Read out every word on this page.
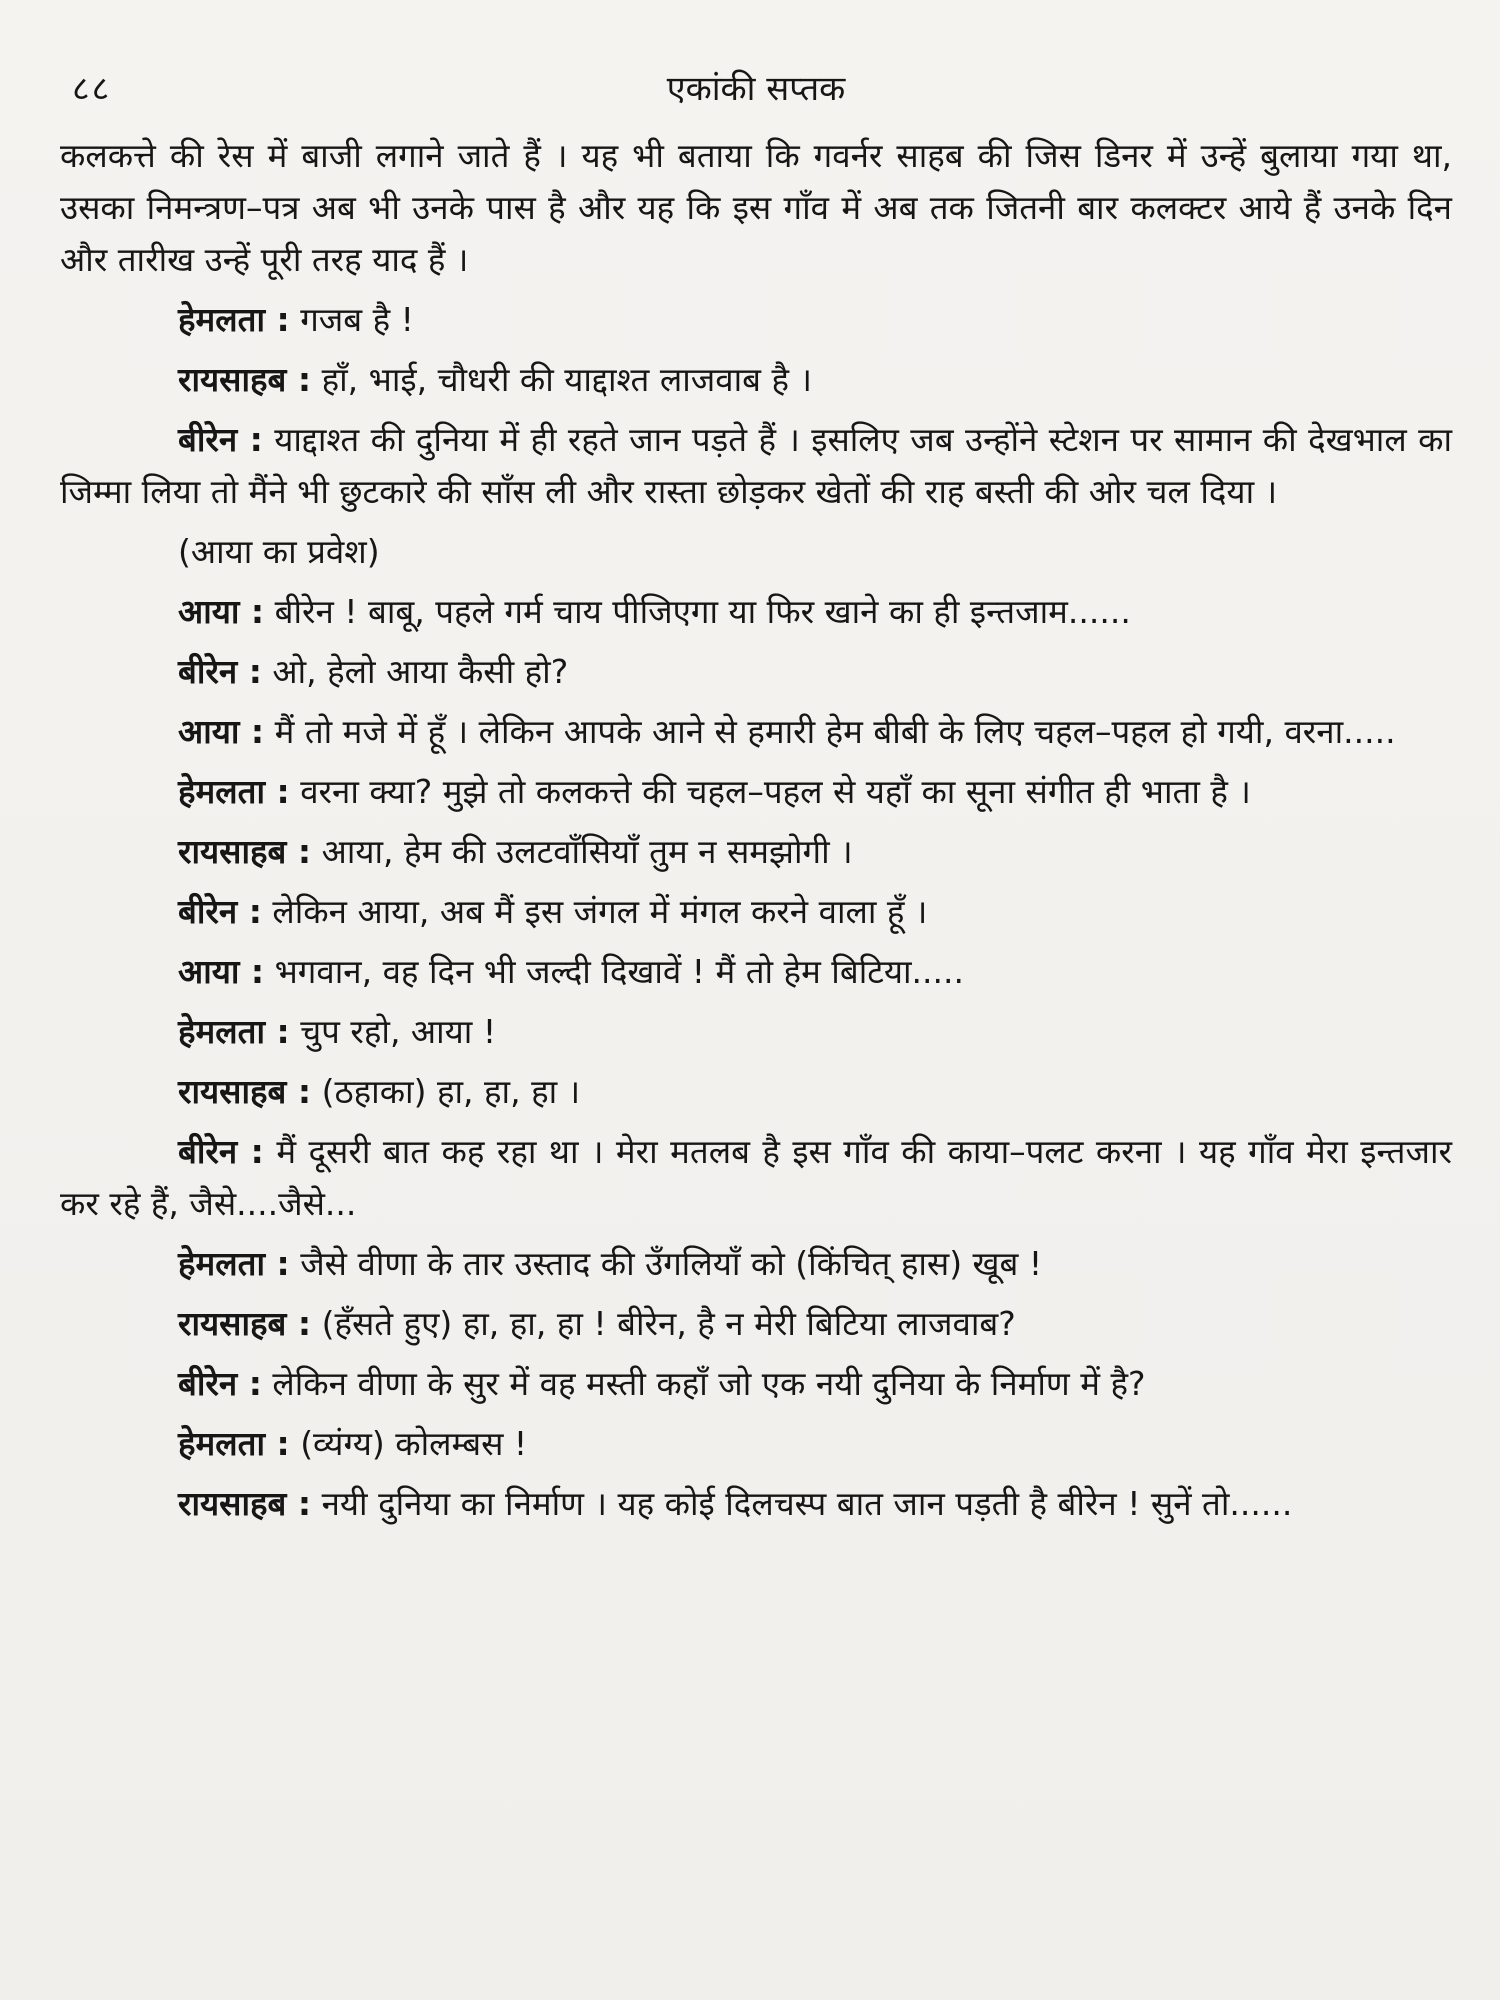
८८	एकांकी सप्तक

कलकत्ते की रेस में बाजी लगाने जाते हैं । यह भी बताया कि गवर्नर साहब की जिस डिनर में उन्हें बुलाया गया था, उसका निमन्त्रण–पत्र अब भी उनके पास है और यह कि इस गाँव में अब तक जितनी बार कलक्टर आये हैं उनके दिन और तारीख उन्हें पूरी तरह याद हैं ।

हेमलता : गजब है !

रायसाहब : हाँ, भाई, चौधरी की याद्दाश्त लाजवाब है ।

बीरेन : याद्दाश्त की दुनिया में ही रहते जान पड़ते हैं । इसलिए जब उन्होंने स्टेशन पर सामान की देखभाल का जिम्मा लिया तो मैंने भी छुटकारे की साँस ली और रास्ता छोड़कर खेतों की राह बस्ती की ओर चल दिया ।

(आया का प्रवेश)

आया : बीरेन ! बाबू, पहले गर्म चाय पीजिएगा या फिर खाने का ही इन्तजाम......

बीरेन : ओ, हेलो आया कैसी हो?

आया : मैं तो मजे में हूँ । लेकिन आपके आने से हमारी हेम बीबी के लिए चहल–पहल हो गयी, वरना.....

हेमलता : वरना क्या? मुझे तो कलकत्ते की चहल–पहल से यहाँ का सूना संगीत ही भाता है ।

रायसाहब : आया, हेम की उलटवाँसियाँ तुम न समझोगी ।

बीरेन : लेकिन आया, अब मैं इस जंगल में मंगल करने वाला हूँ ।

आया : भगवान, वह दिन भी जल्दी दिखावें ! मैं तो हेम बिटिया.....

हेमलता : चुप रहो, आया !

रायसाहब : (ठहाका) हा, हा, हा ।

बीरेन : मैं दूसरी बात कह रहा था । मेरा मतलब है इस गाँव की काया–पलट करना । यह गाँव मेरा इन्तजार कर रहे हैं, जैसे....जैसे...

हेमलता : जैसे वीणा के तार उस्ताद की उँगलियाँ को (किंचित् हास) खूब !

रायसाहब : (हँसते हुए) हा, हा, हा ! बीरेन, है न मेरी बिटिया लाजवाब?

बीरेन : लेकिन वीणा के सुर में वह मस्ती कहाँ जो एक नयी दुनिया के निर्माण में है?

हेमलता : (व्यंग्य) कोलम्बस !

रायसाहब : नयी दुनिया का निर्माण । यह कोई दिलचस्प बात जान पड़ती है बीरेन ! सुनें तो......
